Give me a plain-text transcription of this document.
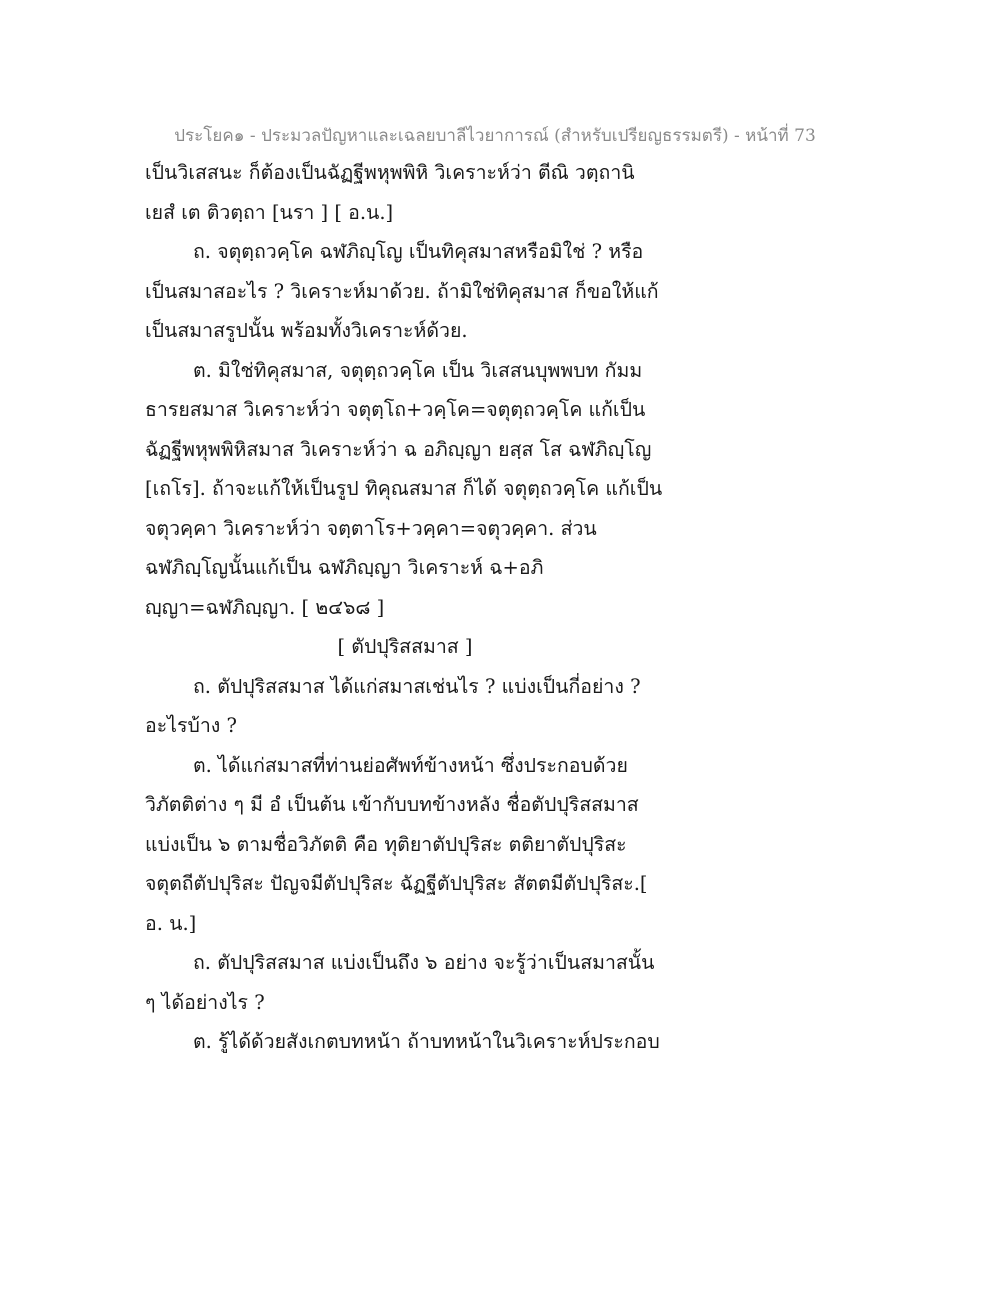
ประโยค๑ - ประมวลปัญหาและเฉลยบาลีไวยาการณ์ (สำหรับเปรียญธรรมตรี) - หน้าที่ 73

เป็นวิเสสนะ ก็ต้องเป็นฉัฏฐีพหุพพิหิ วิเคราะห์ว่า ตีณิ วตฺถานิ เยสํ เต ติวตฺถา [นรา ] [ อ.น.]

ถ. จตุตฺถวคฺโค ฉฬภิญฺโญ เป็นทิคุสมาสหรือมิใช่ ? หรือเป็นสมาสอะไร ? วิเคราะห์มาด้วย. ถ้ามิใช่ทิคุสมาส ก็ขอให้แก้เป็นสมาสรูปนั้น พร้อมทั้งวิเคราะห์ด้วย.

ต. มิใช่ทิคุสมาส, จตุตฺถวคฺโค เป็น วิเสสนบุพพบท กัมมธารยสมาส วิเคราะห์ว่า จตุตฺโถ+วคฺโค=จตุตฺถวคฺโค แก้เป็นฉัฏฐีพหุพพิหิสมาส วิเคราะห์ว่า ฉ อภิญฺญา ยสฺส โส ฉฬภิญฺโญ [เถโร]. ถ้าจะแก้ให้เป็นรูป ทิคุณสมาส ก็ได้ จตุตฺถวคฺโค แก้เป็นจตุวคฺคา วิเคราะห์ว่า จตฺตาโร+วคฺคา=จตุวคฺคา. ส่วน ฉฬภิญฺโญนั้นแก้เป็น ฉฬภิญฺญา วิเคราะห์ ฉ+อภิญฺญา=ฉฬภิญฺญา. [ ๒๔๖๘ ]

[ ตัปปุริสสมาส ]

ถ. ตัปปุริสสมาส ได้แก่สมาสเช่นไร ? แบ่งเป็นกี่อย่าง ? อะไรบ้าง ?

ต. ได้แก่สมาสที่ท่านย่อศัพท์ข้างหน้า ซึ่งประกอบด้วยวิภัตติต่าง ๆ มี อํ เป็นต้น เข้ากับบทข้างหลัง ชื่อตัปปุริสสมาส แบ่งเป็น ๖ ตามชื่อวิภัตติ คือ ทุติยาตัปปุริสะ ตติยาตัปปุริสะ จตุตถีตัปปุริสะ ปัญจมีตัปปุริสะ ฉัฏฐีตัปปุริสะ สัตตมีตัปปุริสะ.[ อ. น.]

ถ. ตัปปุริสสมาส แบ่งเป็นถึง ๖ อย่าง จะรู้ว่าเป็นสมาสนั้น ๆ ได้อย่างไร ?

ต. รู้ได้ด้วยสังเกตบทหน้า ถ้าบทหน้าในวิเคราะห์ประกอบ
